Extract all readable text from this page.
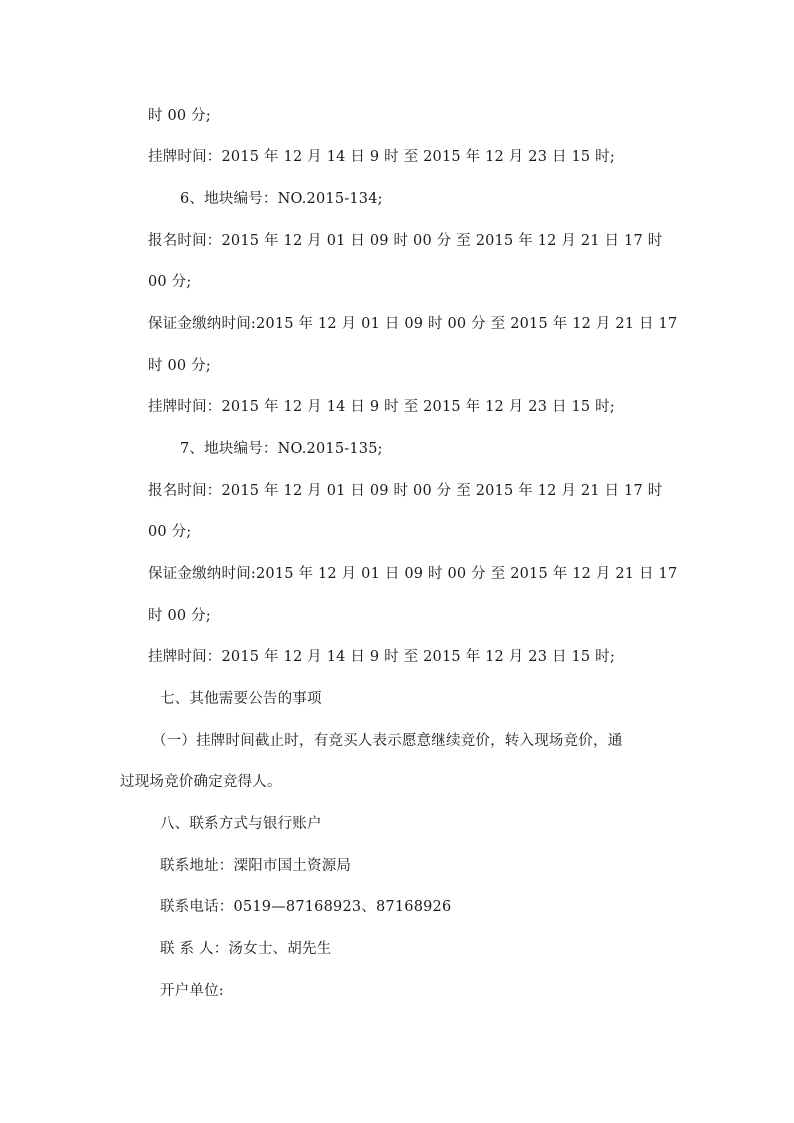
时 00 分;
挂牌时间：2015 年 12 月 14 日 9 时 至 2015 年 12 月 23 日 15 时;
6、地块编号：NO.2015-134;
报名时间：2015 年 12 月 01 日 09 时 00 分 至 2015 年 12 月 21 日 17 时
00 分;
保证金缴纳时间:2015 年 12 月 01 日 09 时 00 分 至 2015 年 12 月 21 日 17
时 00 分;
挂牌时间：2015 年 12 月 14 日 9 时 至 2015 年 12 月 23 日 15 时;
7、地块编号：NO.2015-135;
报名时间：2015 年 12 月 01 日 09 时 00 分 至 2015 年 12 月 21 日 17 时
00 分;
保证金缴纳时间:2015 年 12 月 01 日 09 时 00 分 至 2015 年 12 月 21 日 17
时 00 分;
挂牌时间：2015 年 12 月 14 日 9 时 至 2015 年 12 月 23 日 15 时;
七、其他需要公告的事项
（一）挂牌时间截止时，有竞买人表示愿意继续竞价，转入现场竞价，通
过现场竞价确定竞得人。
八、联系方式与银行账户
联系地址：溧阳市国土资源局
联系电话：0519—87168923、87168926
联 系 人：汤女士、胡先生
开户单位:
